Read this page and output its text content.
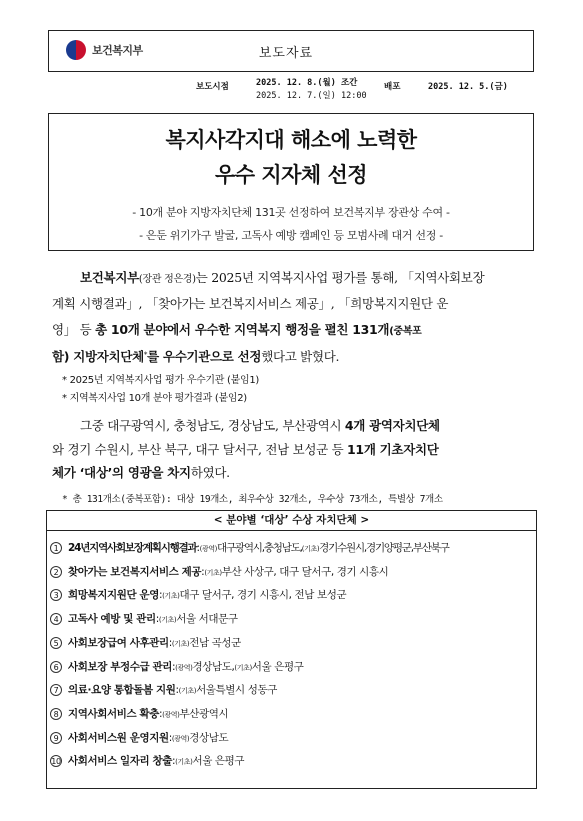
보건복지부	보도자료
보도시점	2025. 12. 8.(월) 조간
2025. 12. 7.(일) 12:00
배포	2025. 12. 5.(금)
복지사각지대 해소에 노력한
우수 지자체 선정
- 10개 분야 지방자치단체 131곳 선정하여 보건복지부 장관상 수여 -
- 은둔 위기가구 발굴, 고독사 예방 캠페인 등 모범사례 대거 선정 -
보건복지부(장관 정은경)는 2025년 지역복지사업 평가를 통해, 「지역사회보장
계획 시행결과」, 「찾아가는 보건복지서비스 제공」, 「희망복지지원단 운
영」 등 총 10개 분야에서 우수한 지역복지 행정을 펼친 131개(중복포
함) 지방자치단체*를 우수기관으로 선정했다고 밝혔다.
* 2025년 지역복지사업 평가 우수기관 (붙임1)
* 지역복지사업 10개 분야 평가결과 (붙임2)
그중 대구광역시, 충청남도, 경상남도, 부산광역시 4개 광역자치단체
와 경기 수원시, 부산 북구, 대구 달서구, 전남 보성군 등 11개 기초자치단
체가 ‘대상’의 영광을 차지하였다.
* 총 131개소(중복포함): 대상 19개소, 최우수상 32개소, 우수상 73개소, 특별상 7개소
< 분야별 ‘대상’ 수상 자치단체 >
1 24년지역사회보장계획시행결과 : (광역) 대구광역시,충청남도, (기초) 경기수원시,경기양평군,부산북구
2 찾아가는 보건복지서비스 제공 : (기초) 부산 사상구, 대구 달서구, 경기 시흥시
3 희망복지지원단 운영 : (기초) 대구 달서구, 경기 시흥시, 전남 보성군
4 고독사 예방 및 관리 : (기초) 서울 서대문구
5 사회보장급여 사후관리 : (기초) 전남 곡성군
6 사회보장 부정수급 관리 : (광역) 경상남도, (기초) 서울 은평구
7 의료·요양 통합돌봄 지원 : (기초) 서울특별시 성동구
8 지역사회서비스 확충 : (광역) 부산광역시
9 사회서비스원 운영지원 : (광역) 경상남도
10 사회서비스 일자리 창출 : (기초) 서울 은평구
